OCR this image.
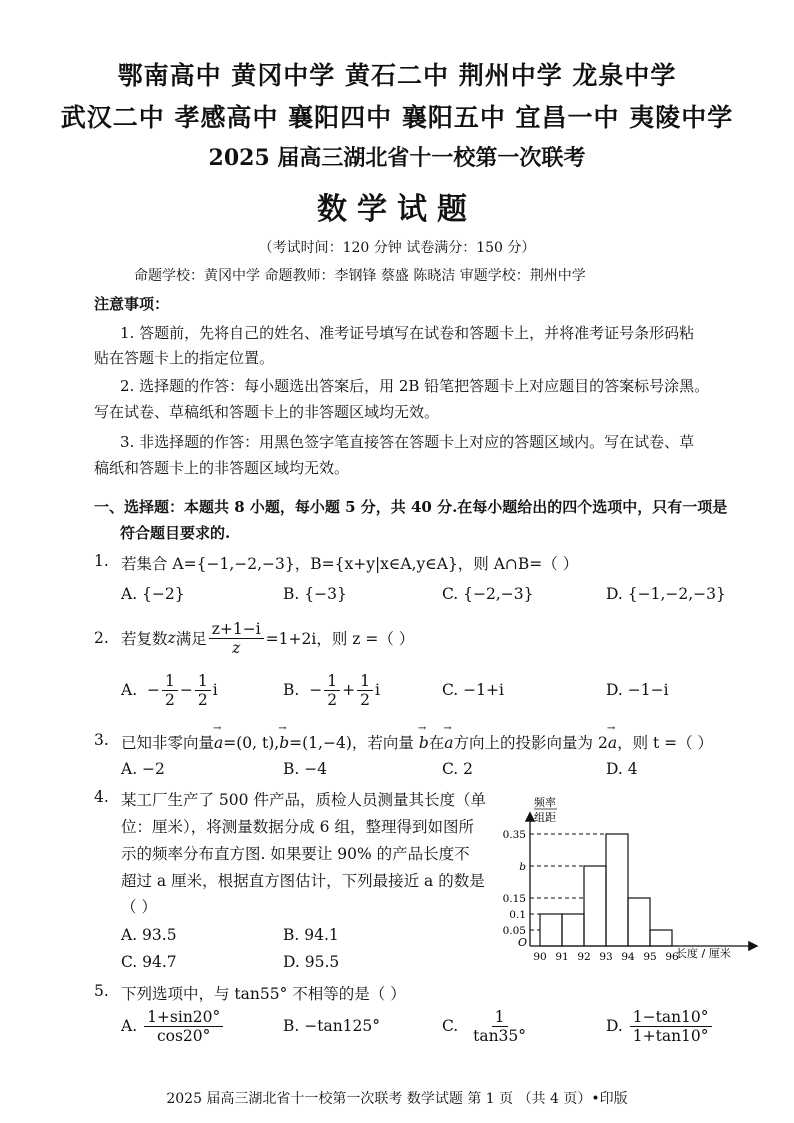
鄂南高中 黄冈中学 黄石二中 荆州中学 龙泉中学
武汉二中 孝感高中 襄阳四中 襄阳五中 宜昌一中 夷陵中学
2025 届高三湖北省十一校第一次联考
数学试题
（考试时间：120 分钟 试卷满分：150 分）
命题学校：黄冈中学 命题教师：李钢锋 蔡盛 陈晓洁 审题学校：荆州中学
注意事项：
1. 答题前，先将自己的姓名、准考证号填写在试卷和答题卡上，并将准考证号条形码粘
贴在答题卡上的指定位置。
2. 选择题的作答：每小题选出答案后，用 2B 铅笔把答题卡上对应题目的答案标号涂黑。
写在试卷、草稿纸和答题卡上的非答题区域均无效。
3. 非选择题的作答：用黑色签字笔直接答在答题卡上对应的答题区域内。写在试卷、草
稿纸和答题卡上的非答题区域均无效。
一、选择题：本题共 8 小题，每小题 5 分，共 40 分.在每小题给出的四个选项中，只有一项是
符合题目要求的.
1. 若集合 A={−1,−2,−3}，B={x+y|x∈A,y∈A}，则 A∩B=（ ）
A. {−2}	B. {−3}	C. {−2,−3}	D. {−1,−2,−3}
2. 若复数 z 满足 $\frac{z+1-i}{z} =1+2i$，则 z =（ ）
A.
− $\frac{1}{2} - \frac{1}{2}$ i	B.
− $\frac{1}{2} + \frac{1}{2}$ i	C. −1+i	D. −1−i
3. 已知非零向量→ a=(0, t),→ b=(1,−4)，若向量 → b在→ a方向上的投影向量为 2→ a，则 t =（ ）
A. −2	B. −4	C. 2	D. 4
4. 某工厂生产了 500 件产品，质检人员测量其长度（单
位：厘米），将测量数据分成 6 组，整理得到如图所
示的频率分布直方图. 如果要让 90% 的产品长度不
超过 a 厘米，根据直方图估计，下列最接近 a 的数是
（ ）
A. 93.5	B. 94.1
C. 94.7	D. 95.5
频率
组距
O
长度 / 厘米
0.35
b
0.15
0.1
0.05
90 91 92 93 94 95 96
5. 下列选项中，与 tan55° 不相等的是（ ）
A.
$\frac{1+\sin 20^\circ}{\cos 20^\circ}$	B. −tan125°	C.
$\frac{1}{\tan 35^\circ}$	D.
$\frac{1-\tan 10^\circ}{1+\tan 10^\circ}$
2025 届高三湖北省十一校第一次联考 数学试题 第 1 页 （共 4 页）•印版
